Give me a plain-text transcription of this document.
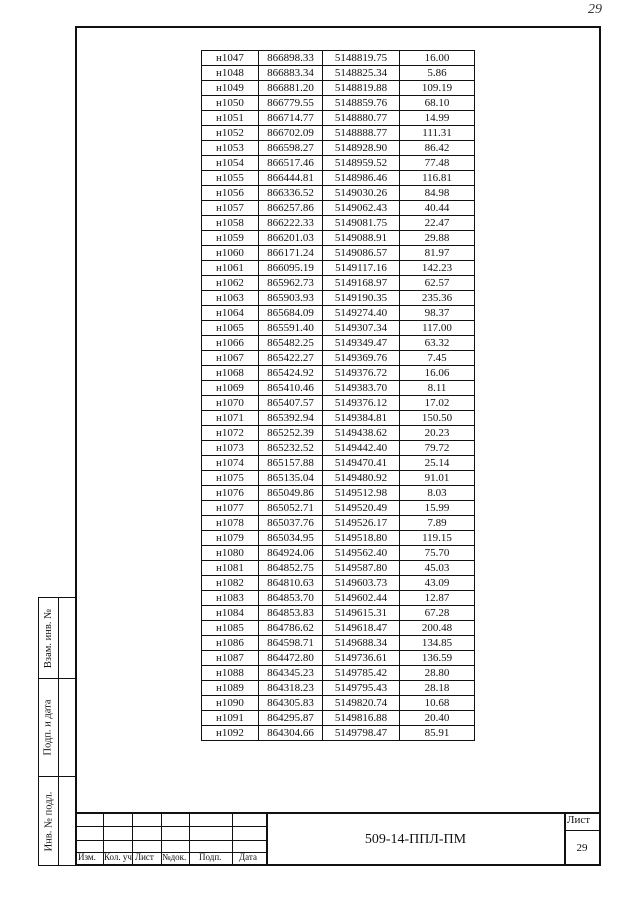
29
Взам. инв. №
Подп. и дата
Инв. № подл.
н1047	866898.33	5148819.75	16.00
н1048	866883.34	5148825.34	5.86
н1049	866881.20	5148819.88	109.19
н1050	866779.55	5148859.76	68.10
н1051	866714.77	5148880.77	14.99
н1052	866702.09	5148888.77	111.31
н1053	866598.27	5148928.90	86.42
н1054	866517.46	5148959.52	77.48
н1055	866444.81	5148986.46	116.81
н1056	866336.52	5149030.26	84.98
н1057	866257.86	5149062.43	40.44
н1058	866222.33	5149081.75	22.47
н1059	866201.03	5149088.91	29.88
н1060	866171.24	5149086.57	81.97
н1061	866095.19	5149117.16	142.23
н1062	865962.73	5149168.97	62.57
н1063	865903.93	5149190.35	235.36
н1064	865684.09	5149274.40	98.37
н1065	865591.40	5149307.34	117.00
н1066	865482.25	5149349.47	63.32
н1067	865422.27	5149369.76	7.45
н1068	865424.92	5149376.72	16.06
н1069	865410.46	5149383.70	8.11
н1070	865407.57	5149376.12	17.02
н1071	865392.94	5149384.81	150.50
н1072	865252.39	5149438.62	20.23
н1073	865232.52	5149442.40	79.72
н1074	865157.88	5149470.41	25.14
н1075	865135.04	5149480.92	91.01
н1076	865049.86	5149512.98	8.03
н1077	865052.71	5149520.49	15.99
н1078	865037.76	5149526.17	7.89
н1079	865034.95	5149518.80	119.15
н1080	864924.06	5149562.40	75.70
н1081	864852.75	5149587.80	45.03
н1082	864810.63	5149603.73	43.09
н1083	864853.70	5149602.44	12.87
н1084	864853.83	5149615.31	67.28
н1085	864786.62	5149618.47	200.48
н1086	864598.71	5149688.34	134.85
н1087	864472.80	5149736.61	136.59
н1088	864345.23	5149785.42	28.80
н1089	864318.23	5149795.43	28.18
н1090	864305.83	5149820.74	10.68
н1091	864295.87	5149816.88	20.40
н1092	864304.66	5149798.47	85.91
Изм. Кол. уч Лист №док. Подп. Дата
509-14-ППЛ-ПМ
Лист
29
